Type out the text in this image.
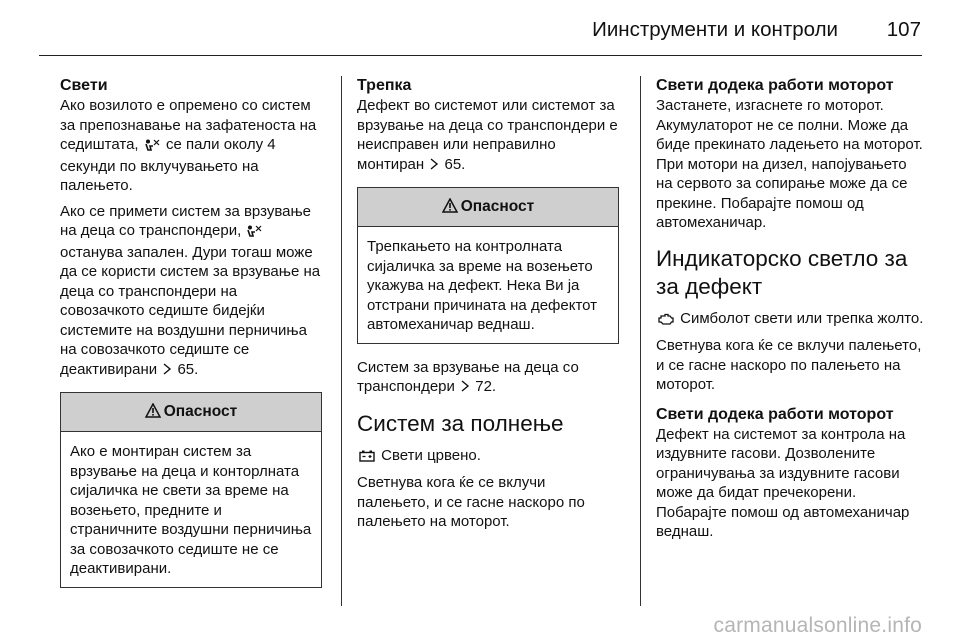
Иинструменти и контроли 107
Свети

Ако возилото е опремено со систем за препознавање на зафатеноста на седиштата, се пали околу 4 секунди по вклучувањето на палењето.

Ако се примети систем за врзување на деца со транспондери,  останува запален. Дури тогаш може да се користи систем за врзување на деца со транспондери на совозачкото седиште бидејќи системите на воздушни перничиња на совозачкото седиште се деактивирани 65.

Опасност
Ако е монтиран систем за врзување на деца и конторлната сијаличка не свети за време на возењето, предните и страничните воздушни перничиња за совозачкото седиште не се деактивирани.
Трепка

Дефект во системот или системот за врзување на деца со транспондери е неисправен или неправилно монтиран 65.

Опасност
Трепкањето на контролната сијаличка за време на возењето укажува на дефект. Нека Ви ја отстрани причината на дефектот автомеханичар веднаш.

Систем за врзување на деца со транспондери 72.

Систем за полнење

Свети црвено.

Светнува кога ќе се вклучи палењето, и се гасне наскоро по палењето на моторот.

Свети додека работи моторот

Застанете, изгаснете го моторот. Акумулаторот не се полни. Може да биде прекинато ладењето на моторот. При мотори на дизел, напојувањето на сервото за сопирање може да се прекине. Побарајте помош од автомеханичар.

Индикаторско светло за за дефект

Симболот свети или трепка жолто.

Светнува кога ќе се вклучи палењето, и се гасне наскоро по палењето на моторот.

Свети додека работи моторот

Дефект на системот за контрола на издувните гасови. Дозволените ограничувања за издувните гасови може да бидат пречекорени. Побарајте помош од автомеханичар веднаш.

carmanualsonline.info
